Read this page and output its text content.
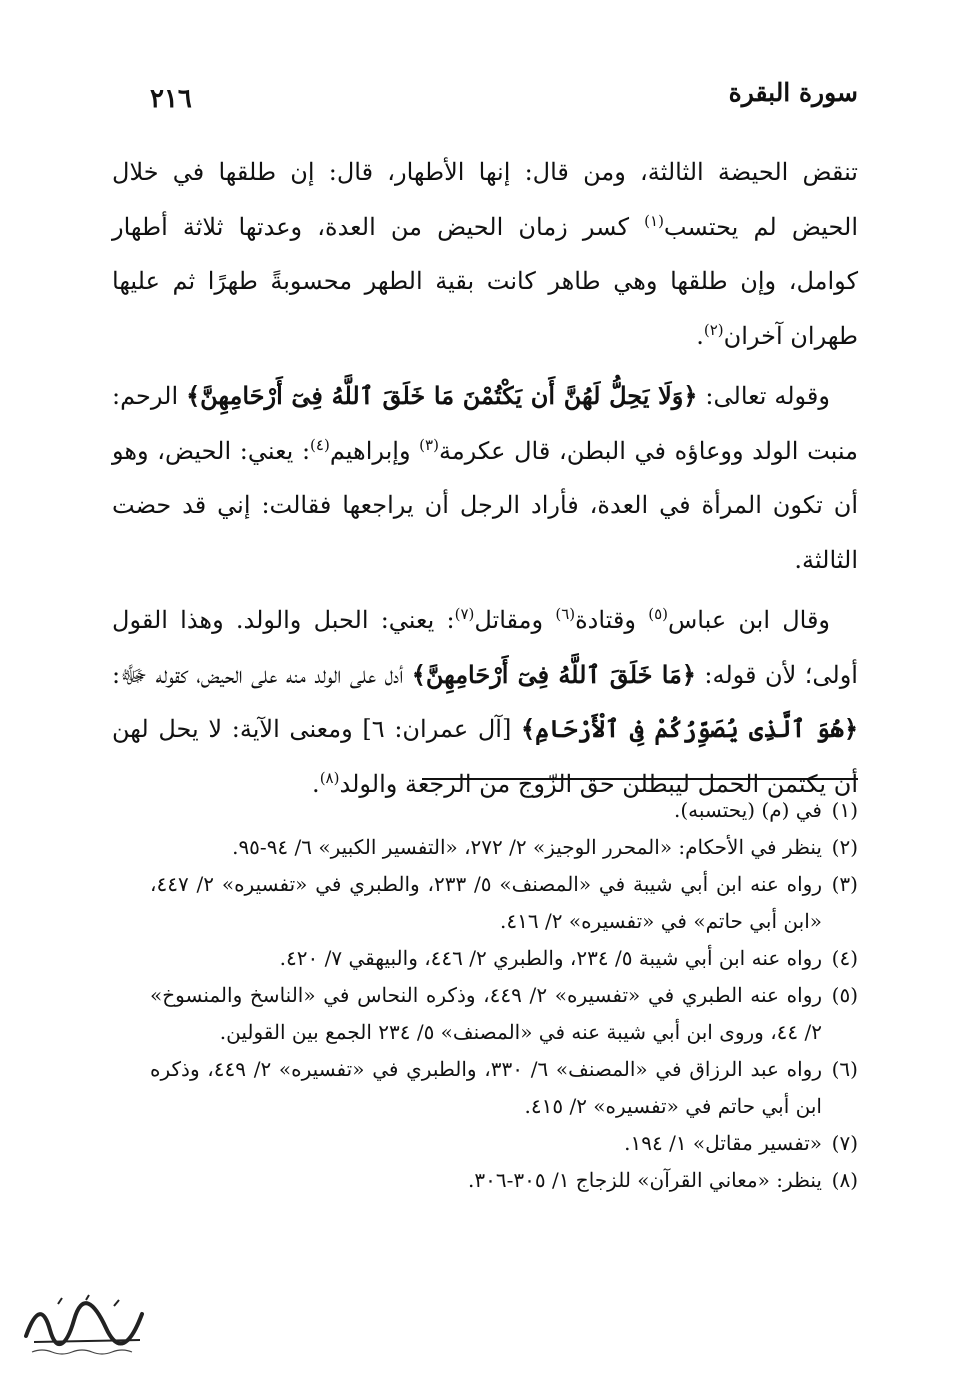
سورة البقرة
٢١٦

تنقض الحيضة الثالثة، ومن قال: إنها الأطهار، قال: إن طلقها في خلال الحيض لم يحتسب$^{(١)}$ كسر زمان الحيض من العدة، وعدتها ثلاثة أطهار كوامل، وإن طلقها وهي طاهر كانت بقية الطهر محسوبةً طهرًا ثم عليها طهران آخران$^{(٢)}$.

وقوله تعالى: ﴿وَلَا يَحِلُّ لَهُنَّ أَن يَكْتُمْنَ مَا خَلَقَ ٱللَّهُ فِىٓ أَرْحَامِهِنَّ﴾ الرحم: منبت الولد ووعاؤه في البطن، قال عكرمة$^{(٣)}$ وإبراهيم$^{(٤)}$: يعني: الحيض، وهو أن تكون المرأة في العدة، فأراد الرجل أن يراجعها فقالت: إني قد حضت الثالثة.

وقال ابن عباس$^{(٥)}$ وقتادة$^{(٦)}$ ومقاتل$^{(٧)}$: يعني: الحبل والولد. وهذا القول أولى؛ لأن قوله: ﴿مَا خَلَقَ ٱللَّهُ فِىٓ أَرْحَامِهِنَّ﴾ أدل على الولد منه على الحيض، كقوله ﷻ: ﴿هُوَ ٱلَّذِى يُصَوِّرُكُمْ فِى ٱلْأَرْحَامِ﴾ [آل عمران: ٦] ومعنى الآية: لا يحل لهن أن يكتمن الحمل ليبطلن حق الزّوج من الرجعة والولد$^{(٨)}$.

(١)في (م) (يحتسبه).
(٢)ينظر في الأحكام: «المحرر الوجيز» ٢/ ٢٧٢، «التفسير الكبير» ٦/ ٩٤-٩٥.
(٣)رواه عنه ابن أبي شيبة في «المصنف» ٥/ ٢٣٣، والطبري في «تفسيره» ٢/ ٤٤٧، «ابن أبي حاتم» في «تفسيره» ٢/ ٤١٦.
(٤)رواه عنه ابن أبي شيبة ٥/ ٢٣٤، والطبري ٢/ ٤٤٦، والبيهقي ٧/ ٤٢٠.
(٥)رواه عنه الطبري في «تفسيره» ٢/ ٤٤٩، وذكره النحاس في «الناسخ والمنسوخ» ٢/ ٤٤، وروى ابن أبي شيبة عنه في «المصنف» ٥/ ٢٣٤ الجمع بين القولين.
(٦)رواه عبد الرزاق في «المصنف» ٦/ ٣٣٠، والطبري في «تفسيره» ٢/ ٤٤٩، وذكره ابن أبي حاتم في «تفسيره» ٢/ ٤١٥.
(٧)«تفسير مقاتل» ١/ ١٩٤.
(٨)ينظر: «معاني القرآن» للزجاج ١/ ٣٠٥-٣٠٦.
